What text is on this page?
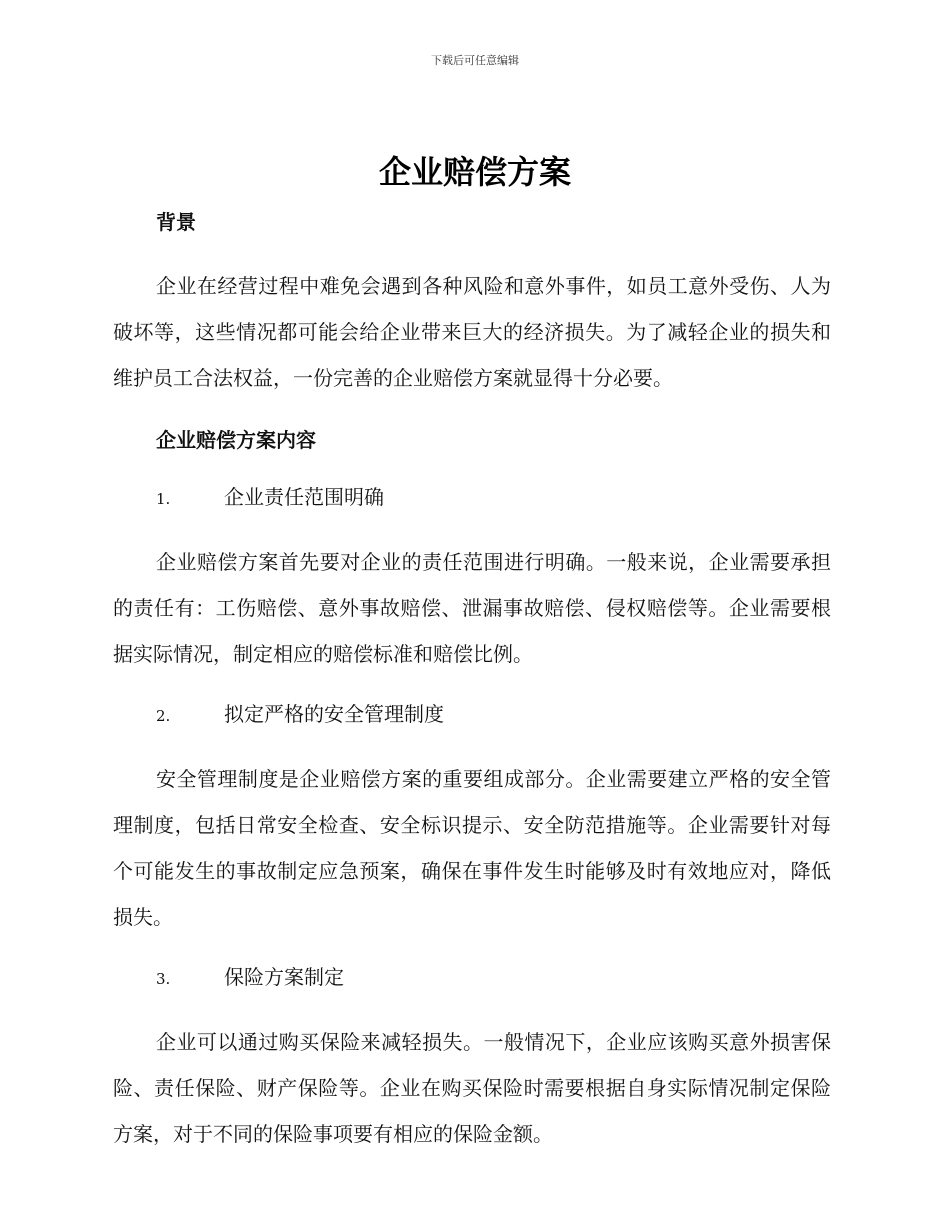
下载后可任意编辑
企业赔偿方案
背景

企业在经营过程中难免会遇到各种风险和意外事件，如员工意外受伤、人为破坏等，这些情况都可能会给企业带来巨大的经济损失。为了减轻企业的损失和维护员工合法权益，一份完善的企业赔偿方案就显得十分必要。

企业赔偿方案内容
1.	企业责任范围明确

企业赔偿方案首先要对企业的责任范围进行明确。一般来说，企业需要承担的责任有：工伤赔偿、意外事故赔偿、泄漏事故赔偿、侵权赔偿等。企业需要根据实际情况，制定相应的赔偿标准和赔偿比例。

2.	拟定严格的安全管理制度

安全管理制度是企业赔偿方案的重要组成部分。企业需要建立严格的安全管理制度，包括日常安全检查、安全标识提示、安全防范措施等。企业需要针对每个可能发生的事故制定应急预案，确保在事件发生时能够及时有效地应对，降低损失。

3.	保险方案制定

企业可以通过购买保险来减轻损失。一般情况下，企业应该购买意外损害保险、责任保险、财产保险等。企业在购买保险时需要根据自身实际情况制定保险方案，对于不同的保险事项要有相应的保险金额。
